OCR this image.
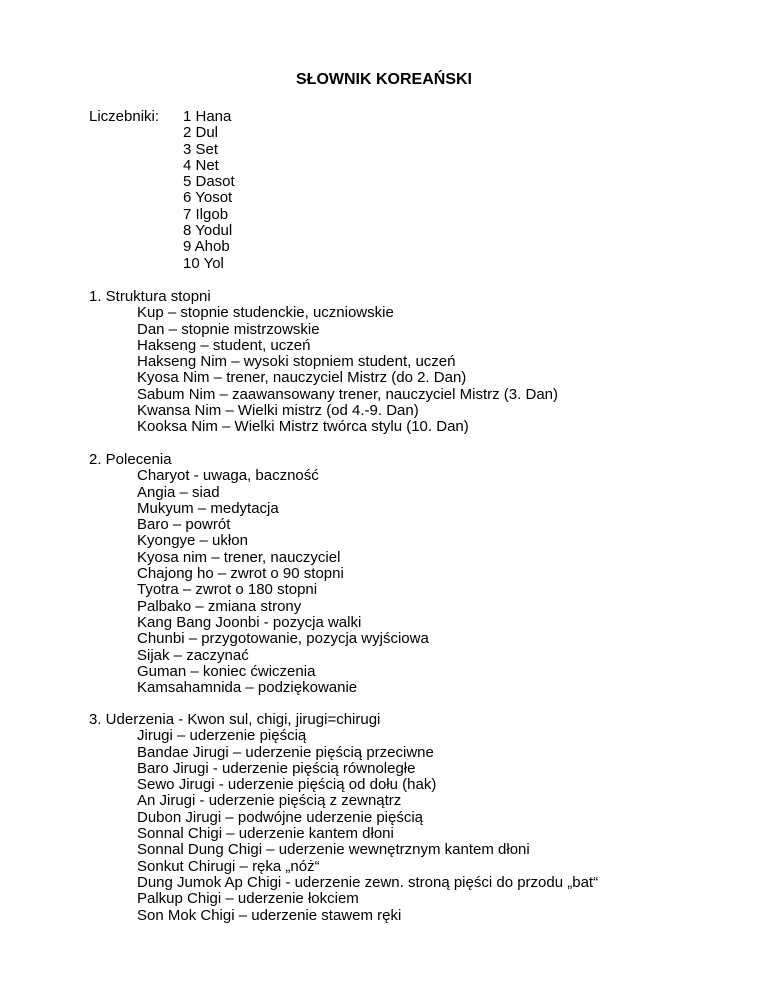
SŁOWNIK KOREAŃSKI
Liczebniki: 1 Hana
2 Dul
3 Set
4 Net
5 Dasot
6 Yosot
7 Ilgob
8 Yodul
9 Ahob
10 Yol
1. Struktura stopni
Kup – stopnie studenckie, uczniowskie
Dan – stopnie mistrzowskie
Hakseng – student, uczeń
Hakseng Nim – wysoki stopniem student, uczeń
Kyosa Nim – trener, nauczyciel Mistrz (do 2. Dan)
Sabum Nim – zaawansowany trener, nauczyciel Mistrz (3. Dan)
Kwansa Nim – Wielki mistrz (od 4.-9. Dan)
Kooksa Nim – Wielki Mistrz twórca stylu (10. Dan)
2. Polecenia
Charyot - uwaga, baczność
Angia – siad
Mukyum – medytacja
Baro – powrót
Kyongye – ukłon
Kyosa nim – trener, nauczyciel
Chajong ho – zwrot o 90 stopni
Tyotra – zwrot o 180 stopni
Palbako – zmiana strony
Kang Bang Joonbi - pozycja walki
Chunbi – przygotowanie, pozycja wyjściowa
Sijak – zaczynać
Guman – koniec ćwiczenia
Kamsahamnida – podziękowanie
3. Uderzenia - Kwon sul, chigi, jirugi=chirugi
Jirugi – uderzenie pięścią
Bandae Jirugi – uderzenie pięścią przeciwne
Baro Jirugi - uderzenie pięścią równoległe
Sewo Jirugi - uderzenie pięścią od dołu (hak)
An Jirugi - uderzenie pięścią z zewnątrz
Dubon Jirugi – podwójne uderzenie pięścią
Sonnal Chigi – uderzenie kantem dłoni
Sonnal Dung Chigi – uderzenie wewnętrznym kantem dłoni
Sonkut Chirugi – ręka „nóż“
Dung Jumok Ap Chigi - uderzenie zewn. stroną pięści do przodu „bat“
Palkup Chigi – uderzenie łokciem
Son Mok Chigi – uderzenie stawem ręki
